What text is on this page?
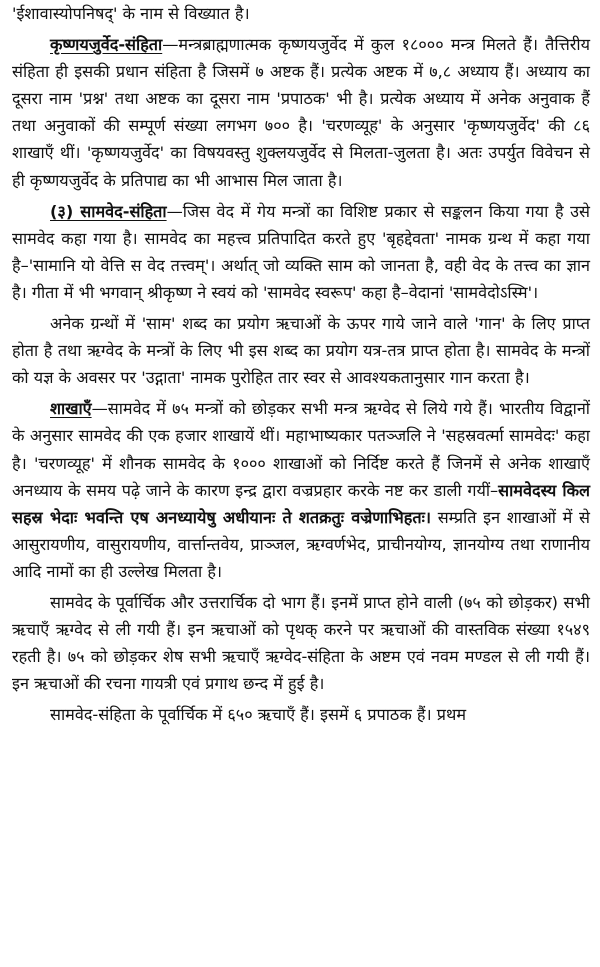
'ईशावास्योपनिषद्' के नाम से विख्यात है।

कृष्णयजुर्वेद-संहिता—मन्त्रब्राह्मणात्मक कृष्णयजुर्वेद में कुल १८००० मन्त्र मिलते हैं। तैत्तिरीय संहिता ही इसकी प्रधान संहिता है जिसमें ७ अष्टक हैं। प्रत्येक अष्टक में ७,८ अध्याय हैं। अध्याय का दूसरा नाम 'प्रश्न' तथा अष्टक का दूसरा नाम 'प्रपाठक' भी है। प्रत्येक अध्याय में अनेक अनुवाक हैं तथा अनुवाकों की सम्पूर्ण संख्या लगभग ७०० है। 'चरणव्यूह' के अनुसार 'कृष्णयजुर्वेद' की ८६ शाखाएँ थीं। 'कृष्णयजुर्वेद' का विषयवस्तु शुक्लयजुर्वेद से मिलता-जुलता है। अतः उपर्युत विवेचन से ही कृष्णयजुर्वेद के प्रतिपाद्य का भी आभास मिल जाता है।

(३) सामवेद-संहिता—जिस वेद में गेय मन्त्रों का विशिष्ट प्रकार से सङ्कलन किया गया है उसे सामवेद कहा गया है। सामवेद का महत्त्व प्रतिपादित करते हुए 'बृहद्देवता' नामक ग्रन्थ में कहा गया है–'सामानि यो वेत्ति स वेद तत्त्वम्'। अर्थात् जो व्यक्ति साम को जानता है, वही वेद के तत्त्व का ज्ञान है। गीता में भी भगवान् श्रीकृष्ण ने स्वयं को 'सामवेद स्वरूप' कहा है–वेदानां 'सामवेदोऽस्मि'।

अनेक ग्रन्थों में 'साम' शब्द का प्रयोग ऋचाओं के ऊपर गाये जाने वाले 'गान' के लिए प्राप्त होता है तथा ऋग्वेद के मन्त्रों के लिए भी इस शब्द का प्रयोग यत्र-तत्र प्राप्त होता है। सामवेद के मन्त्रों को यज्ञ के अवसर पर 'उद्गाता' नामक पुरोहित तार स्वर से आवश्यकतानुसार गान करता है।

शाखाएँ—सामवेद में ७५ मन्त्रों को छोड़कर सभी मन्त्र ऋग्वेद से लिये गये हैं। भारतीय विद्वानों के अनुसार सामवेद की एक हजार शाखायें थीं। महाभाष्यकार पतञ्जलि ने 'सहस्रवर्त्मा सामवेदः' कहा है। 'चरणव्यूह' में शौनक सामवेद के १००० शाखाओं को निर्दिष्ट करते हैं जिनमें से अनेक शाखाएँ अनध्याय के समय पढ़े जाने के कारण इन्द्र द्वारा वज्रप्रहार करके नष्ट कर डाली गयीं–सामवेदस्य किल सहस्र भेदाः भवन्ति एष अनध्यायेषु अधीयानः ते शतक्रतुः वज्रेणाभिहतः। सम्प्रति इन शाखाओं में से आसुरायणीय, वासुरायणीय, वार्त्तान्तवेय, प्राञ्जल, ऋग्वर्णभेद, प्राचीनयोग्य, ज्ञानयोग्य तथा राणानीय आदि नामों का ही उल्लेख मिलता है।

सामवेद के पूर्वार्चिक और उत्तरार्चिक दो भाग हैं। इनमें प्राप्त होने वाली (७५ को छोड़कर) सभी ऋचाएँ ऋग्वेद से ली गयी हैं। इन ऋचाओं को पृथक् करने पर ऋचाओं की वास्तविक संख्या १५४९ रहती है। ७५ को छोड़कर शेष सभी ऋचाएँ ऋग्वेद-संहिता के अष्टम एवं नवम मण्डल से ली गयी हैं। इन ऋचाओं की रचना गायत्री एवं प्रगाथ छन्द में हुई है।

सामवेद-संहिता के पूर्वार्चिक में ६५० ऋचाएँ हैं। इसमें ६ प्रपाठक हैं। प्रथम
